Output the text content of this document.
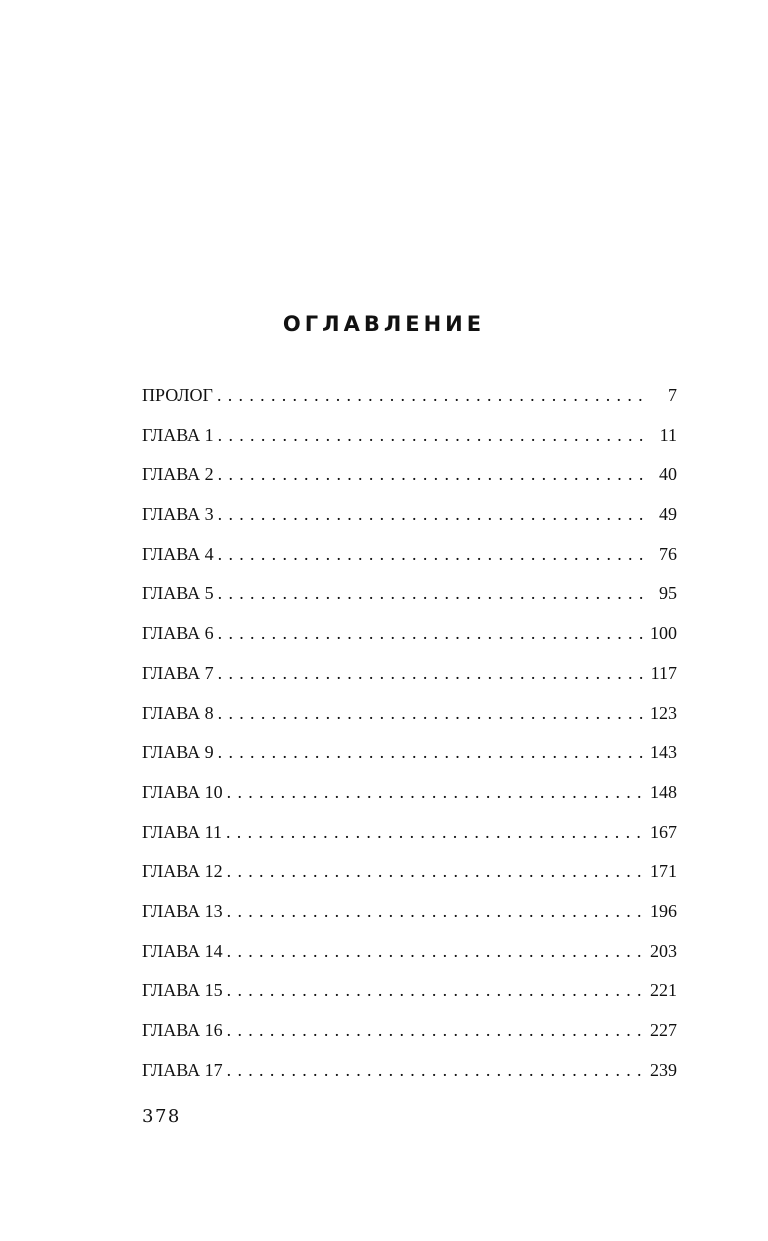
ОГЛАВЛЕНИЕ
ПРОЛОГ .....	7
ГЛАВА 1 .....	11
ГЛАВА 2 .....	40
ГЛАВА 3 .....	49
ГЛАВА 4 .....	76
ГЛАВА 5 .....	95
ГЛАВА 6 .....	100
ГЛАВА 7 .....	117
ГЛАВА 8 .....	123
ГЛАВА 9 .....	143
ГЛАВА 10 .....	148
ГЛАВА 11 .....	167
ГЛАВА 12 .....	171
ГЛАВА 13 .....	196
ГЛАВА 14 .....	203
ГЛАВА 15 .....	221
ГЛАВА 16 .....	227
ГЛАВА 17 .....	239
378
